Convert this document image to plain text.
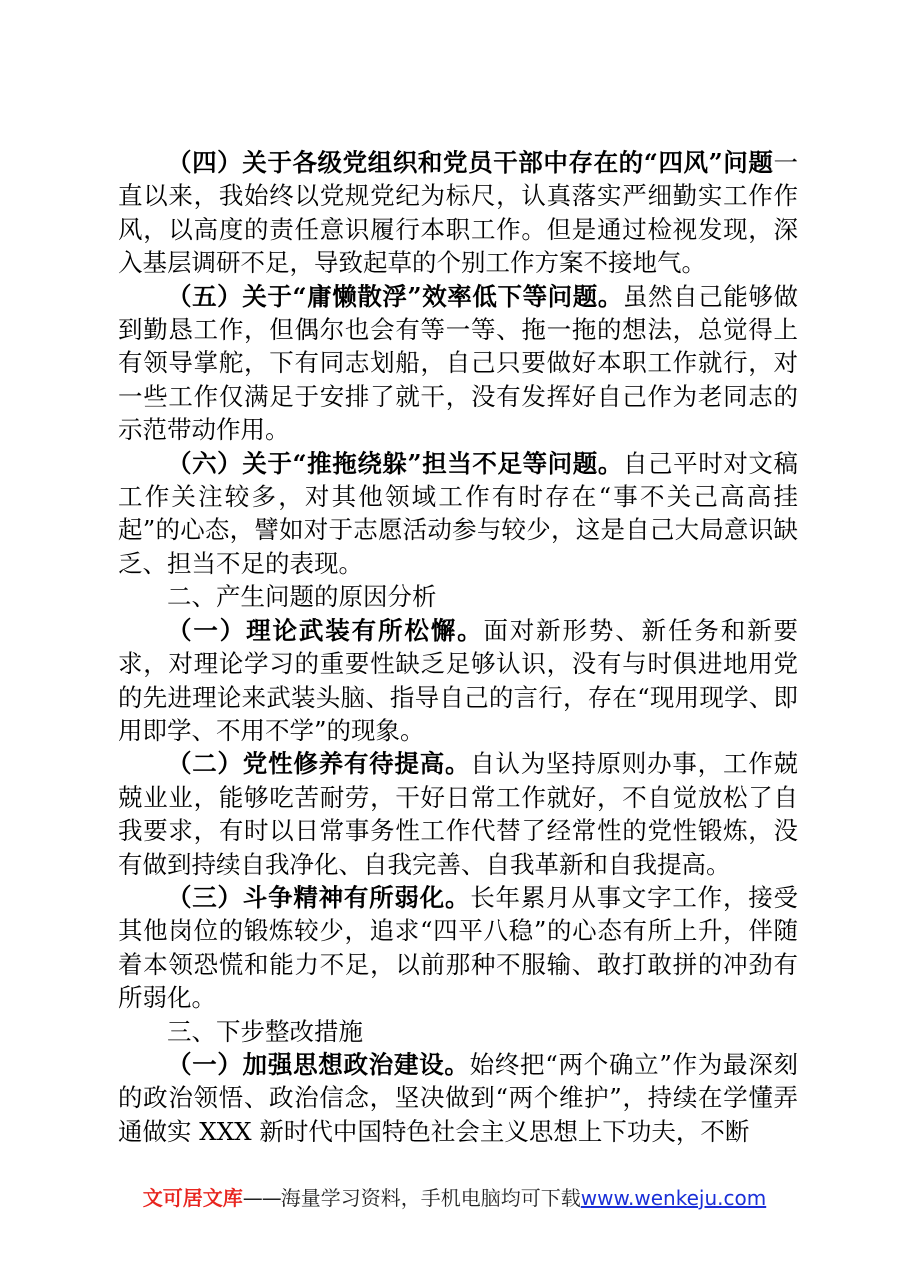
（四）关于各级党组织和党员干部中存在的“四风”问题一直以来，我始终以党规党纪为标尺，认真落实严细勤实工作作风，以高度的责任意识履行本职工作。但是通过检视发现，深入基层调研不足，导致起草的个别工作方案不接地气。

（五）关于“庸懒散浮”效率低下等问题。虽然自己能够做到勤恳工作，但偶尔也会有等一等、拖一拖的想法，总觉得上有领导掌舵，下有同志划船，自己只要做好本职工作就行，对一些工作仅满足于安排了就干，没有发挥好自己作为老同志的示范带动作用。

（六）关于“推拖绕躲”担当不足等问题。自己平时对文稿工作关注较多，对其他领域工作有时存在“事不关己高高挂起”的心态，譬如对于志愿活动参与较少，这是自己大局意识缺乏、担当不足的表现。

二、产生问题的原因分析

（一）理论武装有所松懈。面对新形势、新任务和新要求，对理论学习的重要性缺乏足够认识，没有与时俱进地用党的先进理论来武装头脑、指导自己的言行，存在“现用现学、即用即学、不用不学”的现象。

（二）党性修养有待提高。自认为坚持原则办事，工作兢兢业业，能够吃苦耐劳，干好日常工作就好，不自觉放松了自我要求，有时以日常事务性工作代替了经常性的党性锻炼，没有做到持续自我净化、自我完善、自我革新和自我提高。

（三）斗争精神有所弱化。长年累月从事文字工作，接受其他岗位的锻炼较少，追求“四平八稳”的心态有所上升，伴随着本领恐慌和能力不足，以前那种不服输、敢打敢拼的冲劲有所弱化。

三、下步整改措施

（一）加强思想政治建设。始终把“两个确立”作为最深刻的政治领悟、政治信念，坚决做到“两个维护”，持续在学懂弄通做实 XXX 新时代中国特色社会主义思想上下功夫，不断

文可居文库——海量学习资料，手机电脑均可下载www.wenkeju.com
